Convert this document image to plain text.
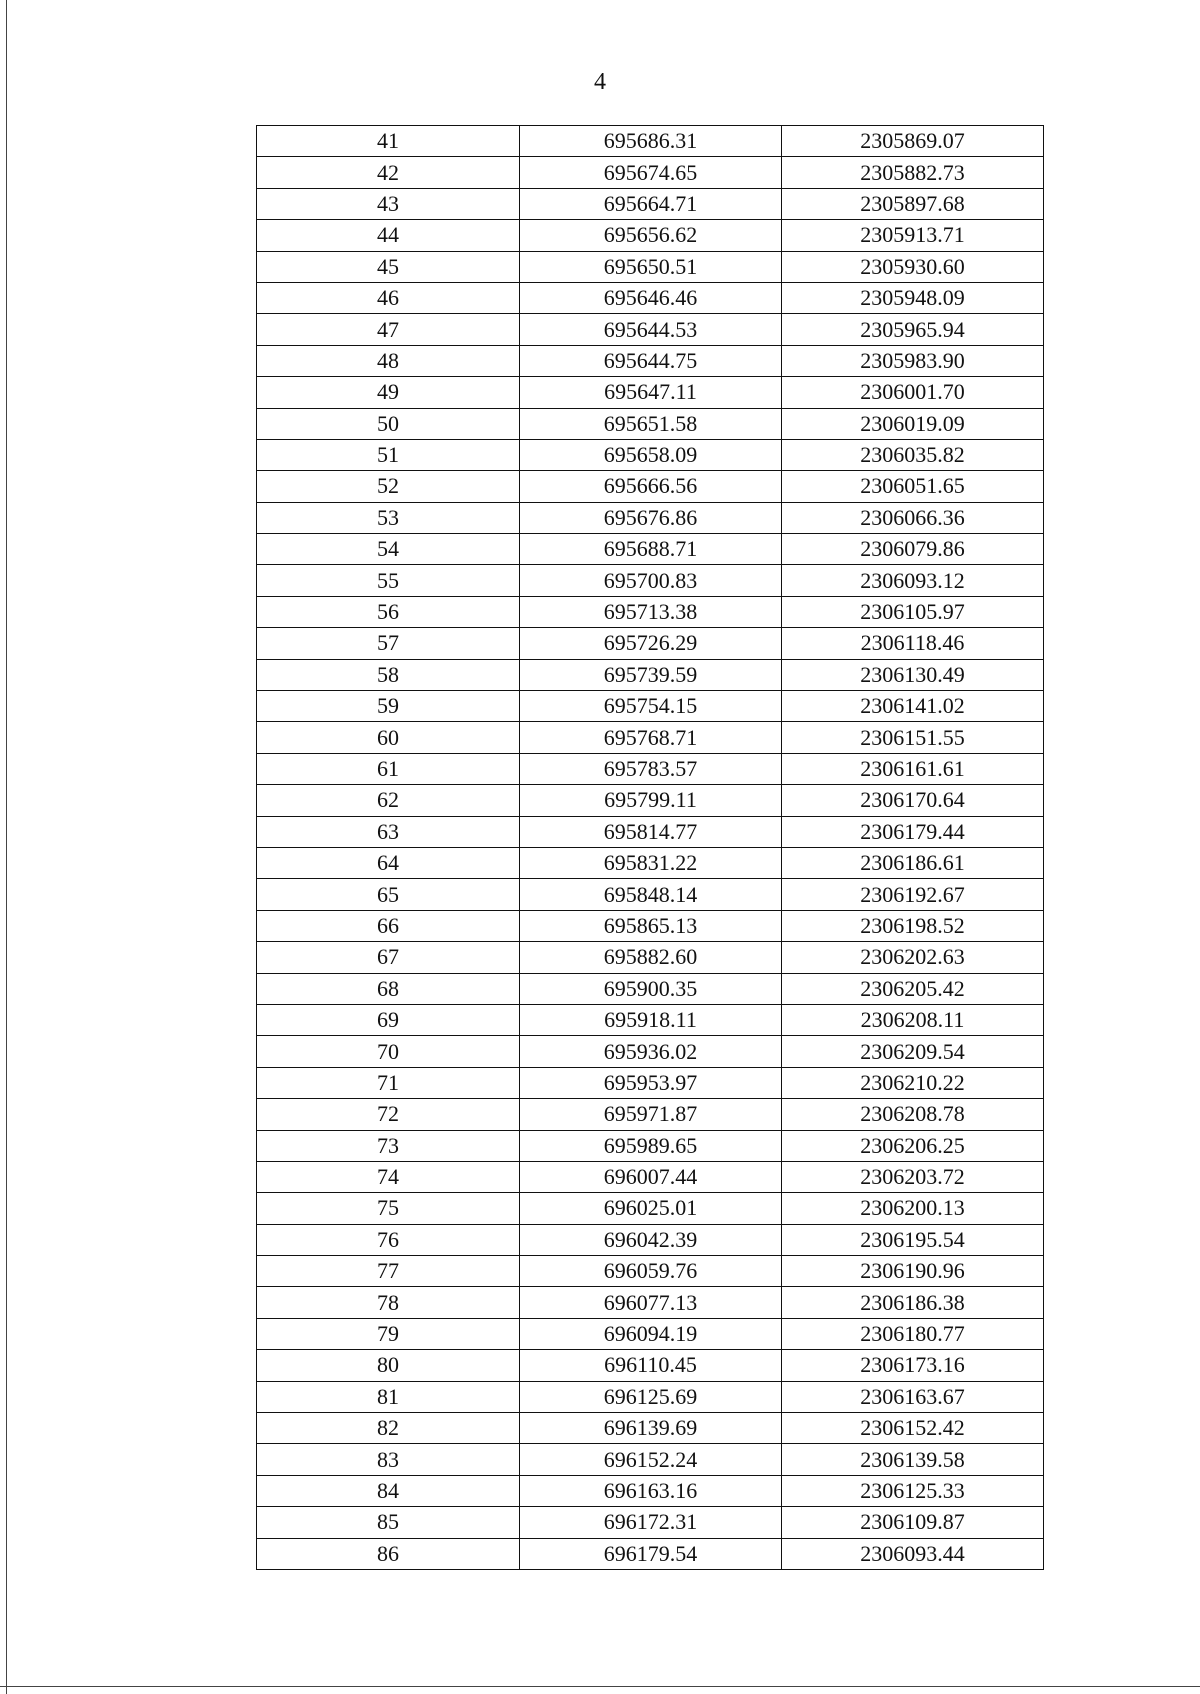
4
41	695686.31	2305869.07
42	695674.65	2305882.73
43	695664.71	2305897.68
44	695656.62	2305913.71
45	695650.51	2305930.60
46	695646.46	2305948.09
47	695644.53	2305965.94
48	695644.75	2305983.90
49	695647.11	2306001.70
50	695651.58	2306019.09
51	695658.09	2306035.82
52	695666.56	2306051.65
53	695676.86	2306066.36
54	695688.71	2306079.86
55	695700.83	2306093.12
56	695713.38	2306105.97
57	695726.29	2306118.46
58	695739.59	2306130.49
59	695754.15	2306141.02
60	695768.71	2306151.55
61	695783.57	2306161.61
62	695799.11	2306170.64
63	695814.77	2306179.44
64	695831.22	2306186.61
65	695848.14	2306192.67
66	695865.13	2306198.52
67	695882.60	2306202.63
68	695900.35	2306205.42
69	695918.11	2306208.11
70	695936.02	2306209.54
71	695953.97	2306210.22
72	695971.87	2306208.78
73	695989.65	2306206.25
74	696007.44	2306203.72
75	696025.01	2306200.13
76	696042.39	2306195.54
77	696059.76	2306190.96
78	696077.13	2306186.38
79	696094.19	2306180.77
80	696110.45	2306173.16
81	696125.69	2306163.67
82	696139.69	2306152.42
83	696152.24	2306139.58
84	696163.16	2306125.33
85	696172.31	2306109.87
86	696179.54	2306093.44
